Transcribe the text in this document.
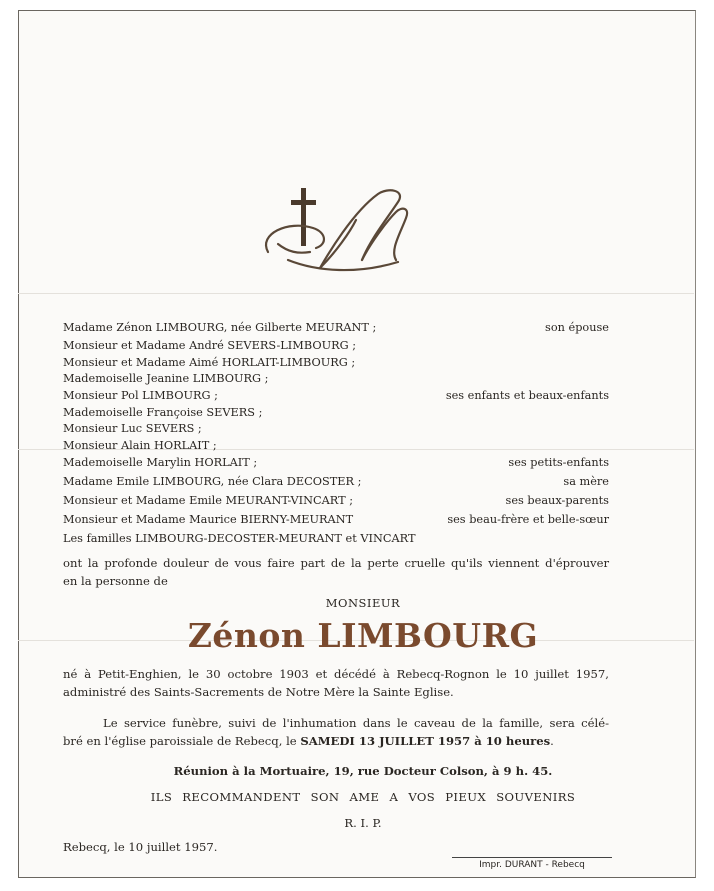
Madame Zénon LIMBOURG, née Gilberte MEURANT ;	son épouse
Monsieur et Madame André SEVERS-LIMBOURG ;
Monsieur et Madame Aimé HORLAIT-LIMBOURG ;
Mademoiselle Jeanine LIMBOURG ;
Monsieur Pol LIMBOURG ;	ses enfants et beaux-enfants
Mademoiselle Françoise SEVERS ;
Monsieur Luc SEVERS ;
Monsieur Alain HORLAIT ;
Mademoiselle Marylin HORLAIT ;	ses petits-enfants
Madame Emile LIMBOURG, née Clara DECOSTER ;	sa mère
Monsieur et Madame Emile MEURANT-VINCART ;	ses beaux-parents
Monsieur et Madame Maurice BIERNY-MEURANT	ses beau-frère et belle-sœur
Les familles LIMBOURG-DECOSTER-MEURANT et VINCART
ont la profonde douleur de vous faire part de la perte cruelle qu'ils viennent d'éprouver
en la personne de
MONSIEUR
Zénon LIMBOURG
né à Petit-Enghien, le 30 octobre 1903 et décédé à Rebecq-Rognon le 10 juillet 1957,
administré des Saints-Sacrements de Notre Mère la Sainte Eglise.
Le service funèbre, suivi de l'inhumation dans le caveau de la famille, sera célé-
bré en l'église paroissiale de Rebecq, le SAMEDI 13 JUILLET 1957 à 10 heures.
Réunion à la Mortuaire, 19, rue Docteur Colson, à 9 h. 45.
ILS RECOMMANDENT SON AME A VOS PIEUX SOUVENIRS
R. I. P.
Rebecq, le 10 juillet 1957.
Impr. DURANT - Rebecq
